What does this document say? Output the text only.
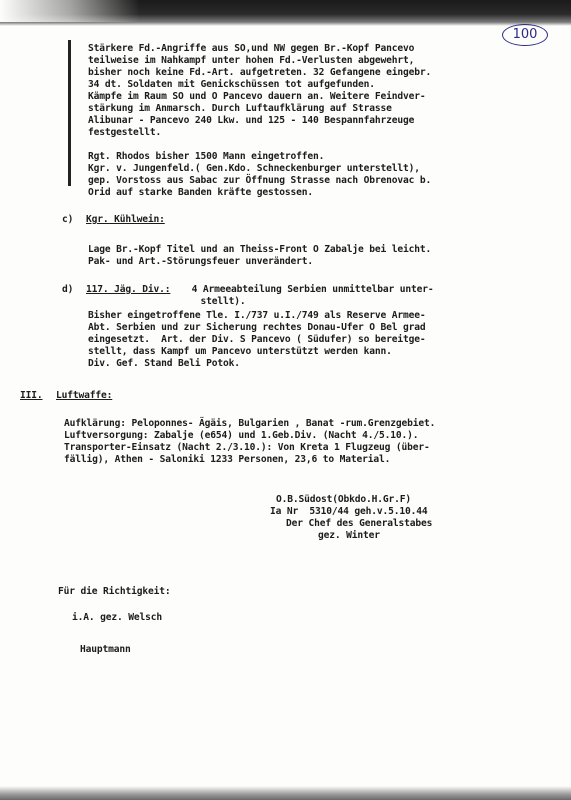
100
Stärkere Fd.-Angriffe aus SO,und NW gegen Br.-Kopf Pancevo
teilweise im Nahkampf unter hohen Fd.-Verlusten abgewehrt,
bisher noch keine Fd.-Art. aufgetreten. 32 Gefangene eingebr.
34 dt. Soldaten mit Genickschüssen tot aufgefunden.
Kämpfe im Raum SO und O Pancevo dauern an. Weitere Feindver-
stärkung im Anmarsch. Durch Luftaufklärung auf Strasse
Alibunar - Pancevo 240 Lkw. und 125 - 140 Bespannfahrzeuge
festgestellt.
Rgt. Rhodos bisher 1500 Mann eingetroffen.
Kgr. v. Jungenfeld.( Gen.Kdo. Schneckenburger unterstellt),
gep. Vorstoss aus Sabac zur Öffnung Strasse nach Obrenovac b.
Orid auf starke Banden kräfte gestossen.
c) Kgr. Kühlwein:
Lage Br.-Kopf Titel und an Theiss-Front O Zabalje bei leicht.
Pak- und Art.-Störungsfeuer unverändert.
d) 117. Jäg. Div.: 4 Armeeabteilung Serbien unmittelbar unter-
stellt).
Bisher eingetroffene Tle. I./737 u.I./749 als Reserve Armee-
Abt. Serbien und zur Sicherung rechtes Donau-Ufer O Bel grad
eingesetzt.  Art. der Div. S Pancevo ( Südufer) so bereitge-
stellt, dass Kampf um Pancevo unterstützt werden kann.
Div. Gef. Stand Beli Potok.
III. Luftwaffe:
Aufklärung: Peloponnes- Ägäis, Bulgarien , Banat -rum.Grenzgebiet.
Luftversorgung: Zabalje (e654) und 1.Geb.Div. (Nacht 4./5.10.).
Transporter-Einsatz (Nacht 2./3.10.): Von Kreta 1 Flugzeug (über-
fällig), Athen - Saloniki 1233 Personen, 23,6 to Material.
O.B.Südost(Obkdo.H.Gr.F)
Ia Nr  5310/44 geh.v.5.10.44
Der Chef des Generalstabes
gez. Winter
Für die Richtigkeit:
i.A. gez. Welsch
Hauptmann
